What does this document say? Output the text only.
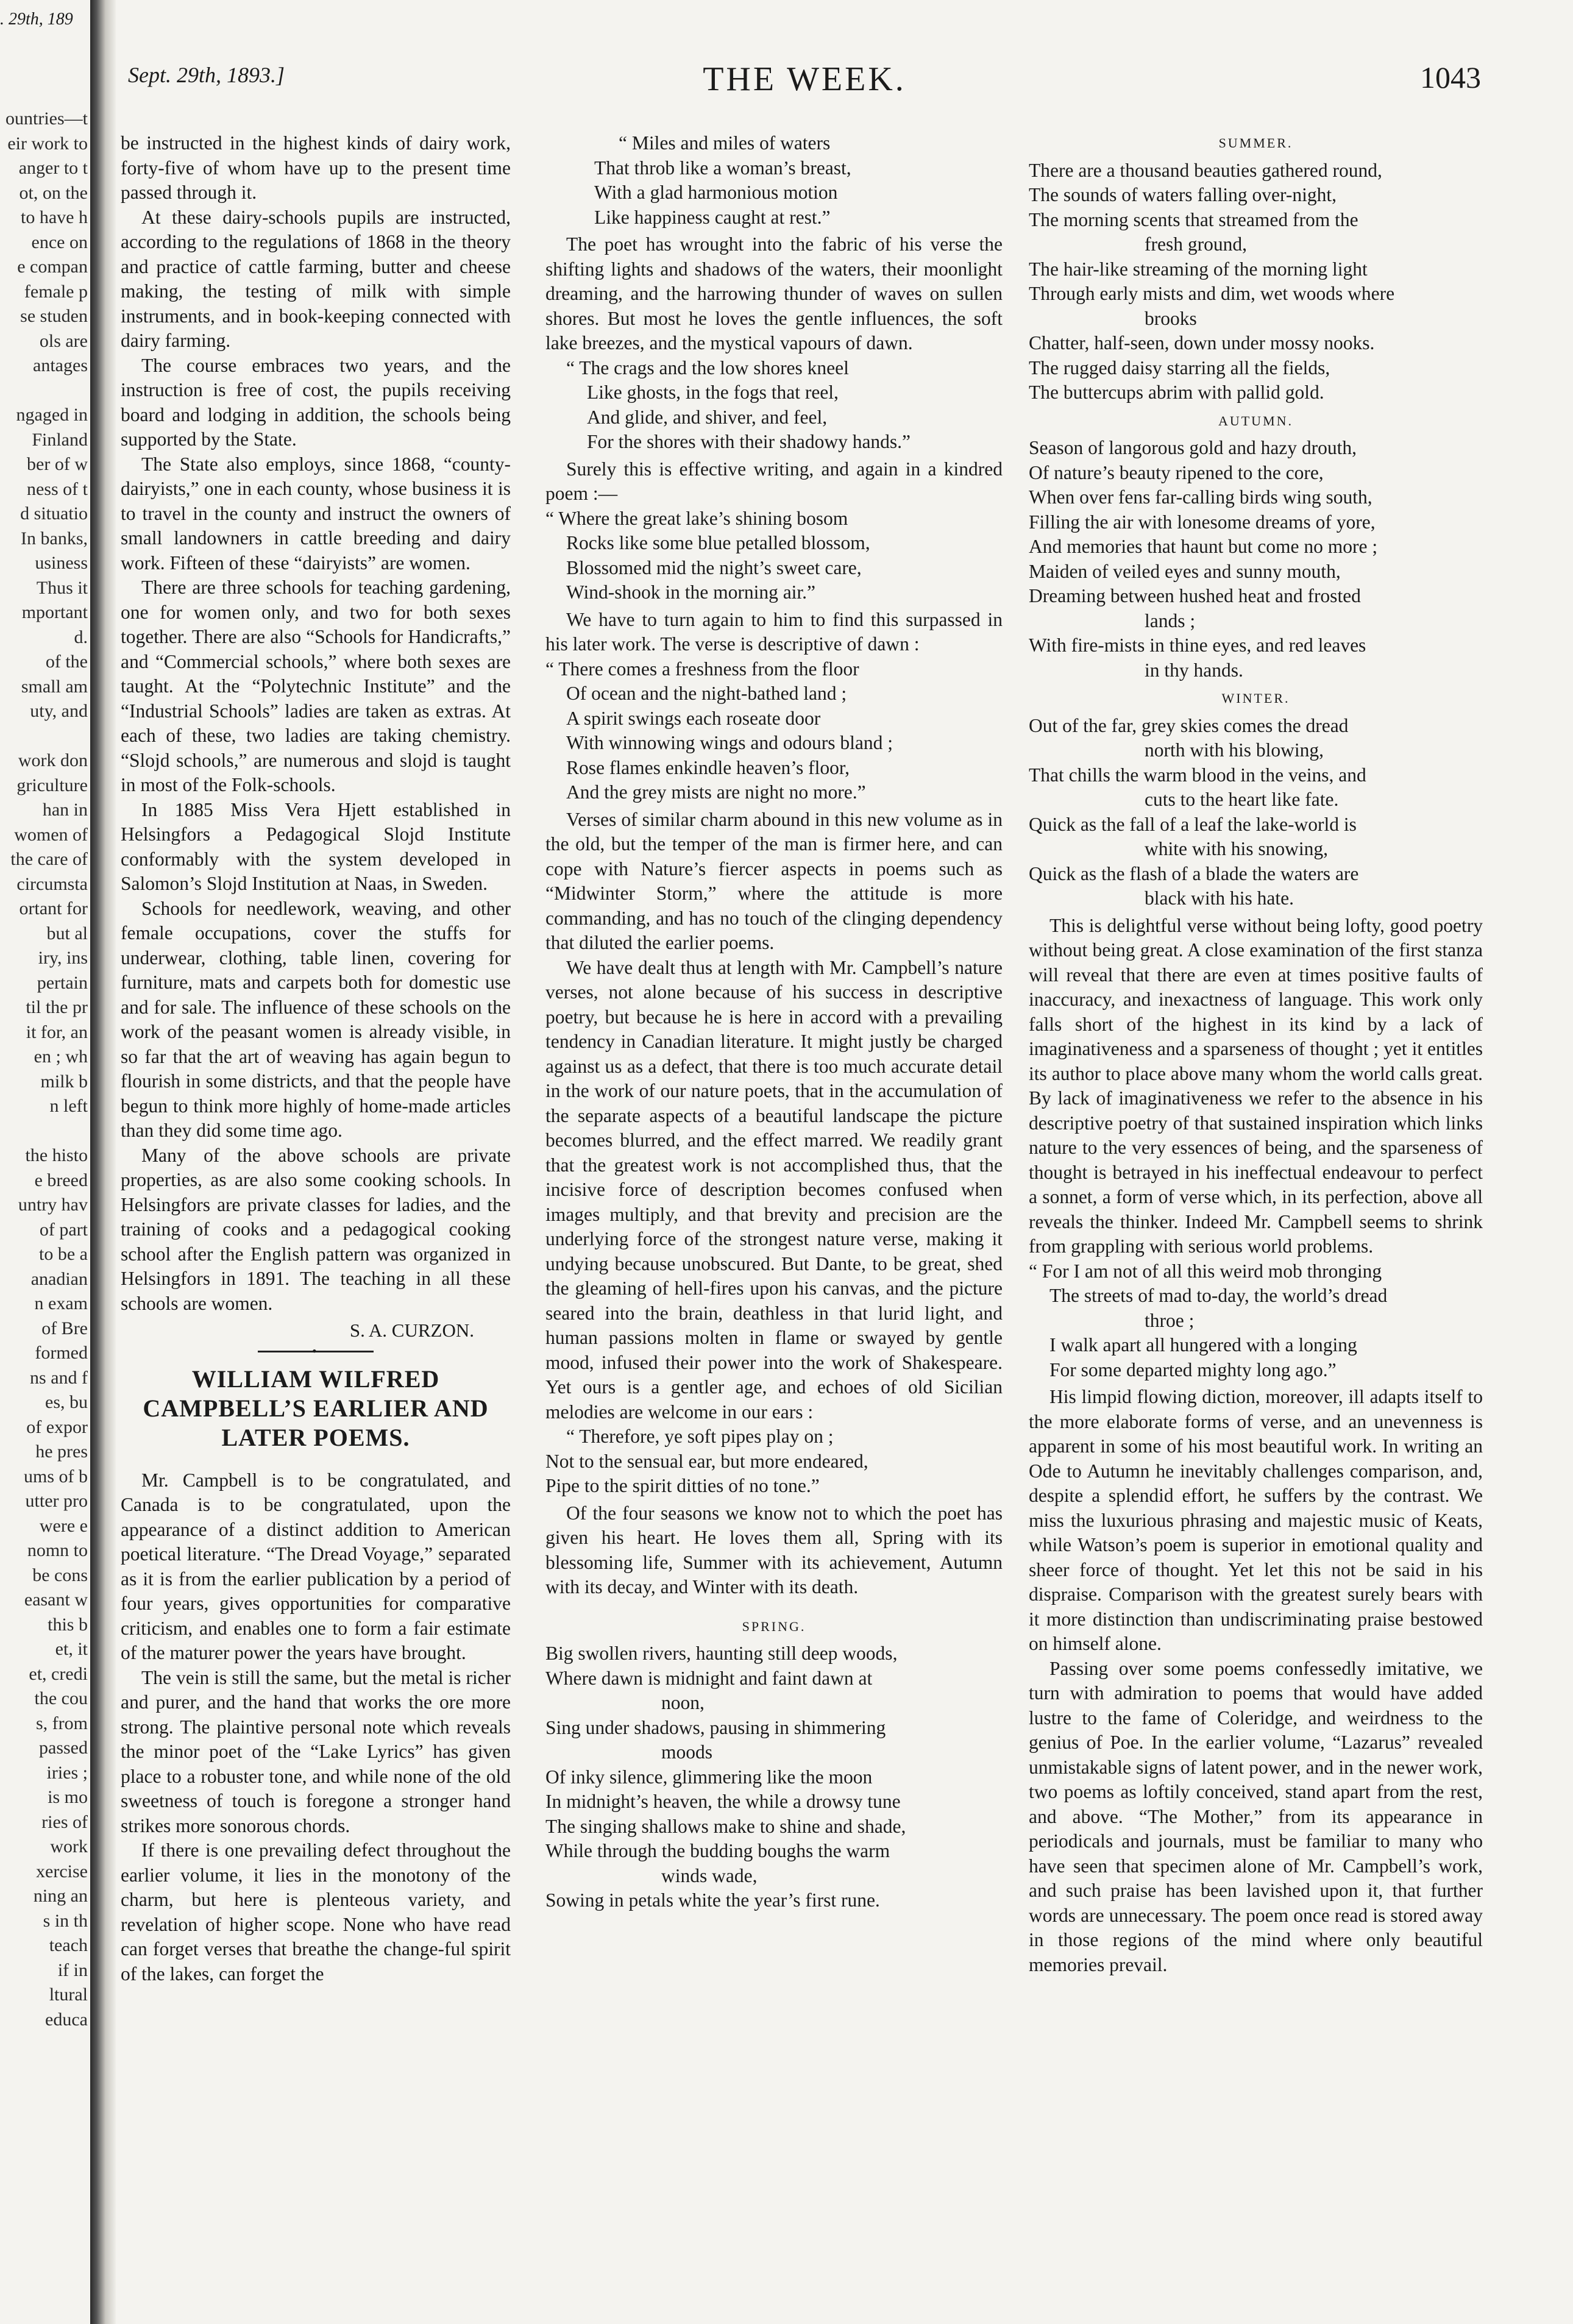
. 29th, 189
ountries—t
eir work to
anger to t
ot, on the
to have h
ence on
e compan
female p
se studen
ols are
antages

ngaged in
Finland
ber of w
ness of t
d situatio
In banks,
usiness
Thus it
mportant
d.
of the
small am
uty, and

work don
griculture
han in
women of
the care of
circumsta
ortant for
but al
iry, ins
pertain
til the pr
it for, an
en ; wh
milk b
n left

the histo
e breed
untry hav
of part
to be a
anadian
n exam
of Bre
formed
ns and f
es, bu
of expor
he pres
ums of b
utter pro
were e
nomn to
be cons
easant w
this b
et, it
et, credi
the cou
s, from
passed
iries ;
is mo
ries of
work
xercise
ning an
s in th
teach
if in
ltural
educa
Sept. 29th, 1893.]	THE WEEK.	1043

be instructed in the highest kinds of dairy work, forty-five of whom have up to the present time passed through it.

At these dairy-schools pupils are instructed, according to the regulations of 1868 in the theory and practice of cattle farming, butter and cheese making, the testing of milk with simple instruments, and in book-keeping connected with dairy farming.

The course embraces two years, and the instruction is free of cost, the pupils receiving board and lodging in addition, the schools being supported by the State.

The State also employs, since 1868, “county-dairyists,” one in each county, whose business it is to travel in the county and instruct the owners of small landowners in cattle breeding and dairy work. Fifteen of these “dairyists” are women.

There are three schools for teaching gardening, one for women only, and two for both sexes together. There are also “Schools for Handicrafts,” and “Commercial schools,” where both sexes are taught. At the “Polytechnic Institute” and the “Industrial Schools” ladies are taken as extras. At each of these, two ladies are taking chemistry. “Slojd schools,” are numerous and slojd is taught in most of the Folk-schools.

In 1885 Miss Vera Hjett established in Helsingfors a Pedagogical Slojd Institute conformably with the system developed in Salomon’s Slojd Institution at Naas, in Sweden.

Schools for needlework, weaving, and other female occupations, cover the stuffs for underwear, clothing, table linen, covering for furniture, mats and carpets both for domestic use and for sale. The influence of these schools on the work of the peasant women is already visible, in so far that the art of weaving has again begun to flourish in some districts, and that the people have begun to think more highly of home-made articles than they did some time ago.

Many of the above schools are private properties, as are also some cooking schools. In Helsingfors are private classes for ladies, and the training of cooks and a pedagogical cooking school after the English pattern was organized in Helsingfors in 1891. The teaching in all these schools are women.

S. A. CURZON.
•
WILLIAM WILFRED CAMPBELL’S EARLIER AND LATER POEMS.

Mr. Campbell is to be congratulated, and Canada is to be congratulated, upon the appearance of a distinct addition to American poetical literature. “The Dread Voyage,” separated as it is from the earlier publication by a period of four years, gives opportunities for comparative criticism, and enables one to form a fair estimate of the maturer power the years have brought.

The vein is still the same, but the metal is richer and purer, and the hand that works the ore more strong. The plaintive personal note which reveals the minor poet of the “Lake Lyrics” has given place to a robuster tone, and while none of the old sweetness of touch is foregone a stronger hand strikes more sonorous chords.

If there is one prevailing defect throughout the earlier volume, it lies in the monotony of the charm, but here is plenteous variety, and revelation of higher scope. None who have read can forget verses that breathe the change-ful spirit of the lakes, can forget the

“ Miles and miles of waters
That throb like a woman’s breast,
With a glad harmonious motion
Like happiness caught at rest.”

The poet has wrought into the fabric of his verse the shifting lights and shadows of the waters, their moonlight dreaming, and the harrowing thunder of waves on sullen shores. But most he loves the gentle influences, the soft lake breezes, and the mystical vapours of dawn.

“ The crags and the low shores kneel
Like ghosts, in the fogs that reel,
And glide, and shiver, and feel,
For the shores with their shadowy hands.”

Surely this is effective writing, and again in a kindred poem :—

“ Where the great lake’s shining bosom
Rocks like some blue petalled blossom,
Blossomed mid the night’s sweet care,
Wind-shook in the morning air.”

We have to turn again to him to find this surpassed in his later work. The verse is descriptive of dawn :

“ There comes a freshness from the floor
Of ocean and the night-bathed land ;
A spirit swings each roseate door
With winnowing wings and odours bland ;
Rose flames enkindle heaven’s floor,
And the grey mists are night no more.”

Verses of similar charm abound in this new volume as in the old, but the temper of the man is firmer here, and can cope with Nature’s fiercer aspects in poems such as “Midwinter Storm,” where the attitude is more commanding, and has no touch of the clinging dependency that diluted the earlier poems.

We have dealt thus at length with Mr. Campbell’s nature verses, not alone because of his success in descriptive poetry, but because he is here in accord with a prevailing tendency in Canadian literature. It might justly be charged against us as a defect, that there is too much accurate detail in the work of our nature poets, that in the accumulation of the separate aspects of a beautiful landscape the picture becomes blurred, and the effect marred. We readily grant that the greatest work is not accomplished thus, that the incisive force of description becomes confused when images multiply, and that brevity and precision are the underlying force of the strongest nature verse, making it undying because unobscured. But Dante, to be great, shed the gleaming of hell-fires upon his canvas, and the picture seared into the brain, deathless in that lurid light, and human passions molten in flame or swayed by gentle mood, infused their power into the work of Shakespeare. Yet ours is a gentler age, and echoes of old Sicilian melodies are welcome in our ears :

“ Therefore, ye soft pipes play on ;
Not to the sensual ear, but more endeared,
Pipe to the spirit ditties of no tone.”

Of the four seasons we know not to which the poet has given his heart. He loves them all, Spring with its blessoming life, Summer with its achievement, Autumn with its decay, and Winter with its death.

SPRING.
Big swollen rivers, haunting still deep woods,
Where dawn is midnight and faint dawn at
noon,
Sing under shadows, pausing in shimmering
moods
Of inky silence, glimmering like the moon
In midnight’s heaven, the while a drowsy tune
The singing shallows make to shine and shade,
While through the budding boughs the warm
winds wade,
Sowing in petals white the year’s first rune.
SUMMER.
There are a thousand beauties gathered round,
The sounds of waters falling over-night,
The morning scents that streamed from the
fresh ground,
The hair-like streaming of the morning light
Through early mists and dim, wet woods where
brooks
Chatter, half-seen, down under mossy nooks.
The rugged daisy starring all the fields,
The buttercups abrim with pallid gold.
AUTUMN.
Season of langorous gold and hazy drouth,
Of nature’s beauty ripened to the core,
When over fens far-calling birds wing south,
Filling the air with lonesome dreams of yore,
And memories that haunt but come no more ;
Maiden of veiled eyes and sunny mouth,
Dreaming between hushed heat and frosted
lands ;
With fire-mists in thine eyes, and red leaves
in thy hands.
WINTER.
Out of the far, grey skies comes the dread
north with his blowing,
That chills the warm blood in the veins, and
cuts to the heart like fate.
Quick as the fall of a leaf the lake-world is
white with his snowing,
Quick as the flash of a blade the waters are
black with his hate.

This is delightful verse without being lofty, good poetry without being great. A close examination of the first stanza will reveal that there are even at times positive faults of inaccuracy, and inexactness of language. This work only falls short of the highest in its kind by a lack of imaginativeness and a sparseness of thought ; yet it entitles its author to place above many whom the world calls great. By lack of imaginativeness we refer to the absence in his descriptive poetry of that sustained inspiration which links nature to the very essences of being, and the sparseness of thought is betrayed in his ineffectual endeavour to perfect a sonnet, a form of verse which, in its perfection, above all reveals the thinker. Indeed Mr. Campbell seems to shrink from grappling with serious world problems.

“ For I am not of all this weird mob thronging
The streets of mad to-day, the world’s dread
throe ;
I walk apart all hungered with a longing
For some departed mighty long ago.”

His limpid flowing diction, moreover, ill adapts itself to the more elaborate forms of verse, and an unevenness is apparent in some of his most beautiful work. In writing an Ode to Autumn he inevitably challenges comparison, and, despite a splendid effort, he suffers by the contrast. We miss the luxurious phrasing and majestic music of Keats, while Watson’s poem is superior in emotional quality and sheer force of thought. Yet let this not be said in his dispraise. Comparison with the greatest surely bears with it more distinction than undiscriminating praise bestowed on himself alone.

Passing over some poems confessedly imitative, we turn with admiration to poems that would have added lustre to the fame of Coleridge, and weirdness to the genius of Poe. In the earlier volume, “Lazarus” revealed unmistakable signs of latent power, and in the newer work, two poems as loftily conceived, stand apart from the rest, and above. “The Mother,” from its appearance in periodicals and journals, must be familiar to many who have seen that specimen alone of Mr. Campbell’s work, and such praise has been lavished upon it, that further words are unnecessary. The poem once read is stored away in those regions of the mind where only beautiful memories prevail.
